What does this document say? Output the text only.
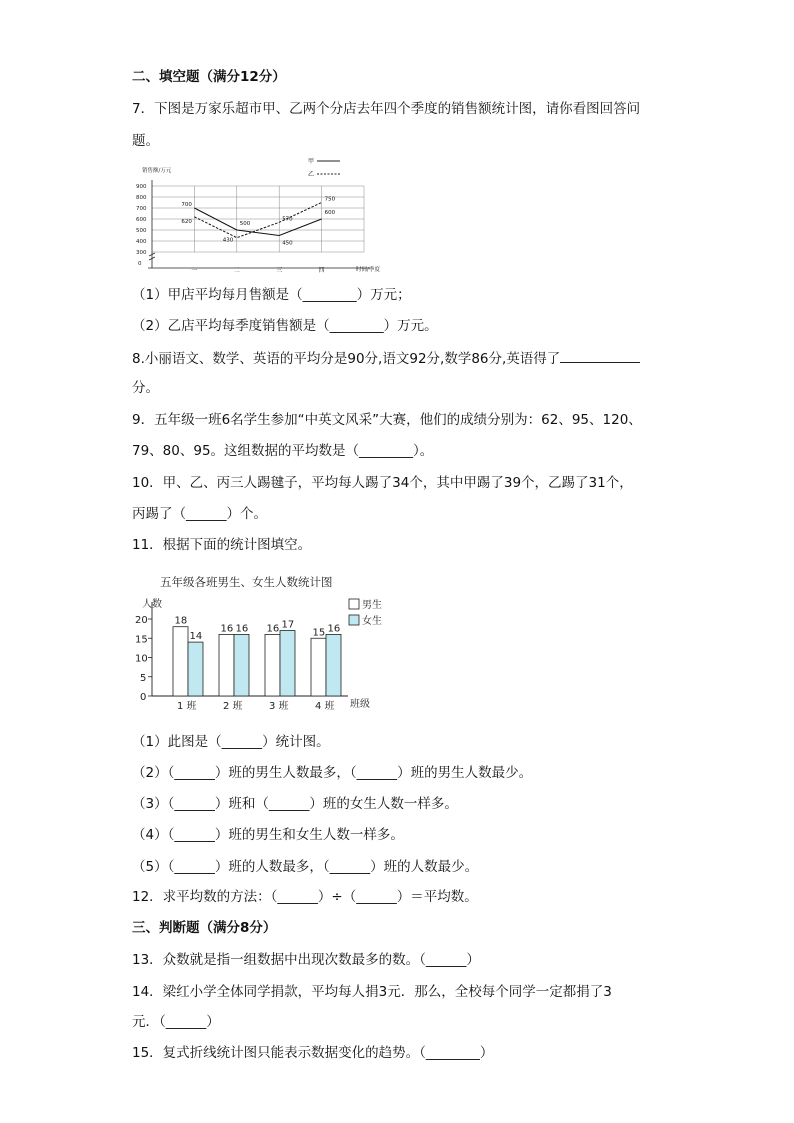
二、填空题（满分12分）
7．下图是万家乐超市甲、乙两个分店去年四个季度的销售额统计图，请你看图回答问
题。
0
300
400
500
600
700
800
900
销售额/万元
时间/季度
一	二	三	四
甲
乙
700
500
450
600
620
430
570
750
（1）甲店平均每月售额是（________）万元；
（2）乙店平均每季度销售额是（________）万元。
8.小丽语文、数学、英语的平均分是90分,语文92分,数学86分,英语得了
分。
9．五年级一班6名学生参加“中英文风采”大赛，他们的成绩分别为：62、95、120、
79、80、95。这组数据的平均数是（________）。
10．甲、乙、丙三人踢毽子，平均每人踢了34个，其中甲踢了39个，乙踢了31个，
丙踢了（______）个。
11．根据下面的统计图填空。
五年级各班男生、女生人数统计图
人数
班级
0
5
10
15
20
男生
女生
18
14
1 班
16 16
2 班
16 17
3 班
15 16
4 班
（1）此图是（______）统计图。
（2）（______）班的男生人数最多，（______）班的男生人数最少。
（3）（______）班和（______）班的女生人数一样多。
（4）（______）班的男生和女生人数一样多。
（5）（______）班的人数最多，（______）班的人数最少。
12．求平均数的方法：（______）÷（______）＝平均数。
三、判断题（满分8分）
13．众数就是指一组数据中出现次数最多的数。（______）
14．梁红小学全体同学捐款，平均每人捐3元．那么，全校每个同学一定都捐了3
元．（______）
15．复式折线统计图只能表示数据变化的趋势。（________）
